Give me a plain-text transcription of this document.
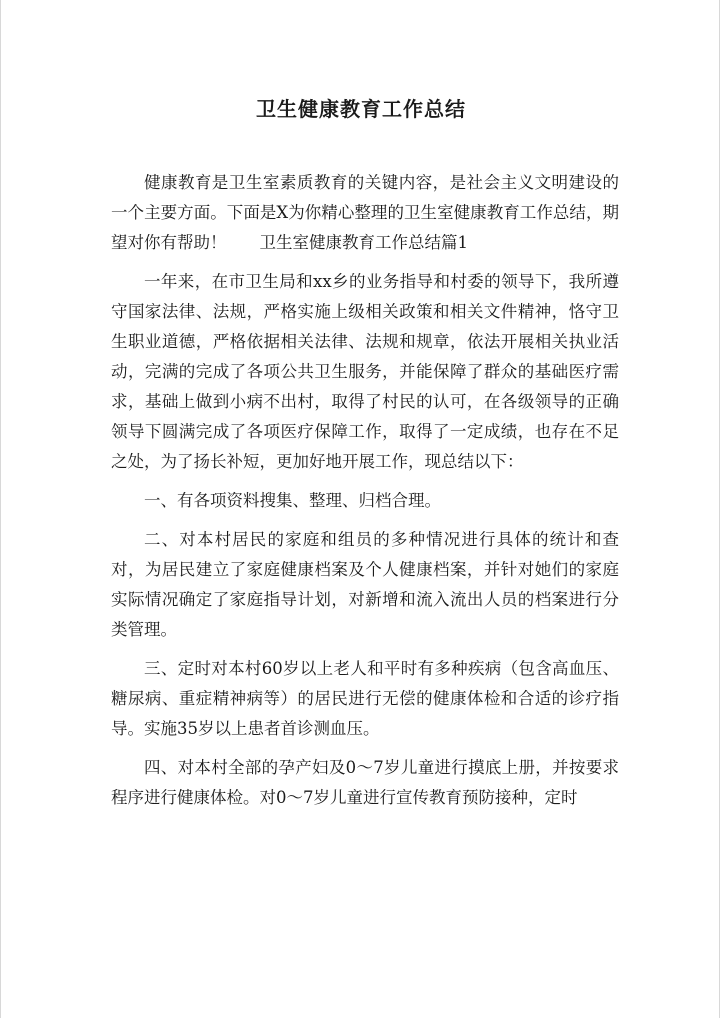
卫生健康教育工作总结

健康教育是卫生室素质教育的关键内容，是社会主义文明建设的一个主要方面。下面是X为你精心整理的卫生室健康教育工作总结，期望对你有帮助！　　卫生室健康教育工作总结篇1

一年来，在市卫生局和xx乡的业务指导和村委的领导下，我所遵守国家法律、法规，严格实施上级相关政策和相关文件精神，恪守卫生职业道德，严格依据相关法律、法规和规章，依法开展相关执业活动，完满的完成了各项公共卫生服务，并能保障了群众的基础医疗需求，基础上做到小病不出村，取得了村民的认可，在各级领导的正确领导下圆满完成了各项医疗保障工作，取得了一定成绩，也存在不足之处，为了扬长补短，更加好地开展工作，现总结以下：

一、有各项资料搜集、整理、归档合理。

二、对本村居民的家庭和组员的多种情况进行具体的统计和查对，为居民建立了家庭健康档案及个人健康档案，并针对她们的家庭实际情况确定了家庭指导计划，对新增和流入流出人员的档案进行分类管理。

三、定时对本村60岁以上老人和平时有多种疾病（包含高血压、糖尿病、重症精神病等）的居民进行无偿的健康体检和合适的诊疗指导。实施35岁以上患者首诊测血压。

四、对本村全部的孕产妇及0～7岁儿童进行摸底上册，并按要求程序进行健康体检。对0～7岁儿童进行宣传教育预防接种，定时
